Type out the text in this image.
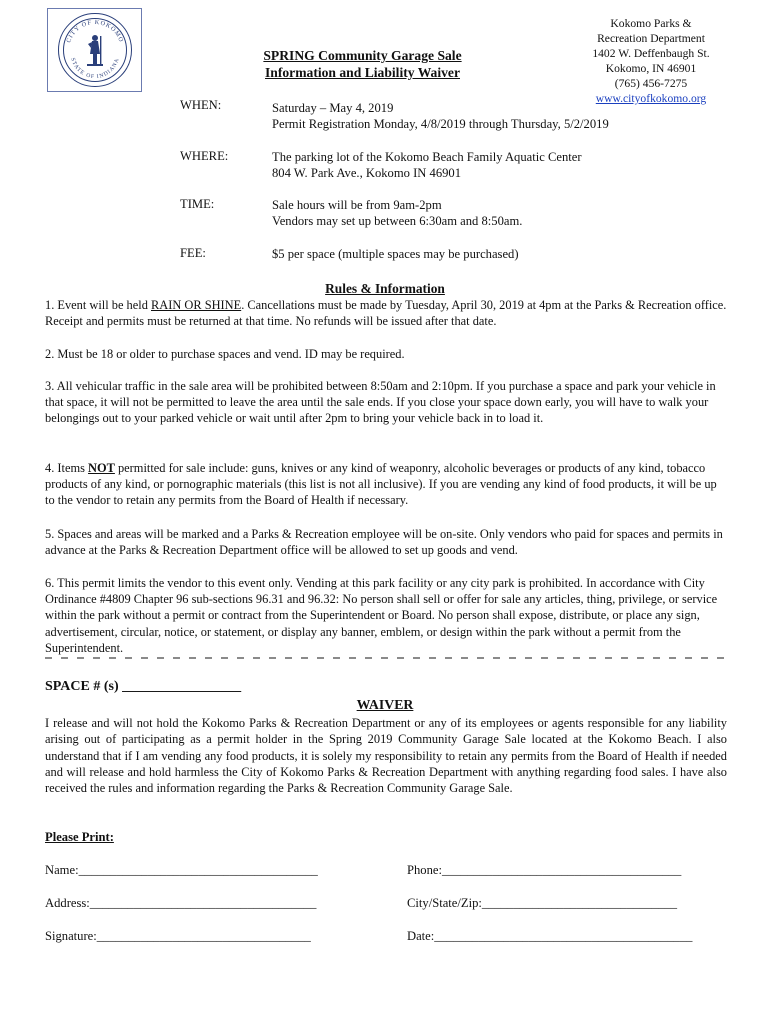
CITY OF KOKOMO
STATE OF INDIANA	SPRING Community Garage Sale
Information and Liability Waiver
Kokomo Parks &
Recreation Department
1402 W. Deffenbaugh St.
Kokomo, IN 46901
(765) 456-7275
www.cityofkokomo.org
WHEN:	Saturday – May 4, 2019
Permit Registration Monday, 4/8/2019 through Thursday, 5/2/2019
WHERE:	The parking lot of the Kokomo Beach Family Aquatic Center
804 W. Park Ave., Kokomo IN 46901
TIME:	Sale hours will be from 9am-2pm
Vendors may set up between 6:30am and 8:50am.
FEE:	$5 per space (multiple spaces may be purchased)
Rules & Information
1. Event will be held RAIN OR SHINE. Cancellations must be made by Tuesday, April 30, 2019 at 4pm at the Parks & Recreation office. Receipt and permits must be returned at that time. No refunds will be issued after that date.
2. Must be 18 or older to purchase spaces and vend. ID may be required.
3. All vehicular traffic in the sale area will be prohibited between 8:50am and 2:10pm. If you purchase a space and park your vehicle in that space, it will not be permitted to leave the area until the sale ends. If you close your space down early, you will have to walk your belongings out to your parked vehicle or wait until after 2pm to bring your vehicle back in to load it.
4. Items NOT permitted for sale include: guns, knives or any kind of weaponry, alcoholic beverages or products of any kind, tobacco products of any kind, or pornographic materials (this list is not all inclusive). If you are vending any kind of food products, it will be up to the vendor to retain any permits from the Board of Health if necessary.
5. Spaces and areas will be marked and a Parks & Recreation employee will be on-site. Only vendors who paid for spaces and permits in advance at the Parks & Recreation Department office will be allowed to set up goods and vend.
6. This permit limits the vendor to this event only. Vending at this park facility or any city park is prohibited. In accordance with City Ordinance #4809 Chapter 96 sub-sections 96.31 and 96.32: No person shall sell or offer for sale any articles, thing, privilege, or service within the park without a permit or contract from the Superintendent or Board. No person shall expose, distribute, or place any sign, advertisement, circular, notice, or statement, or display any banner, emblem, or design within the park without a permit from the Superintendent.
SPACE # (s) _________________
WAIVER
I release and will not hold the Kokomo Parks & Recreation Department or any of its employees or agents responsible for any liability arising out of participating as a permit holder in the Spring 2019 Community Garage Sale located at the Kokomo Beach. I also understand that if I am vending any food products, it is solely my responsibility to retain any permits from the Board of Health if needed and will release and hold harmless the City of Kokomo Parks & Recreation Department with anything regarding food sales. I have also received the rules and information regarding the Parks & Recreation Community Garage Sale.
Please Print:
Name:______________________________________	Phone:______________________________________
Address:____________________________________	City/State/Zip:_______________________________
Signature:__________________________________	Date:_________________________________________
